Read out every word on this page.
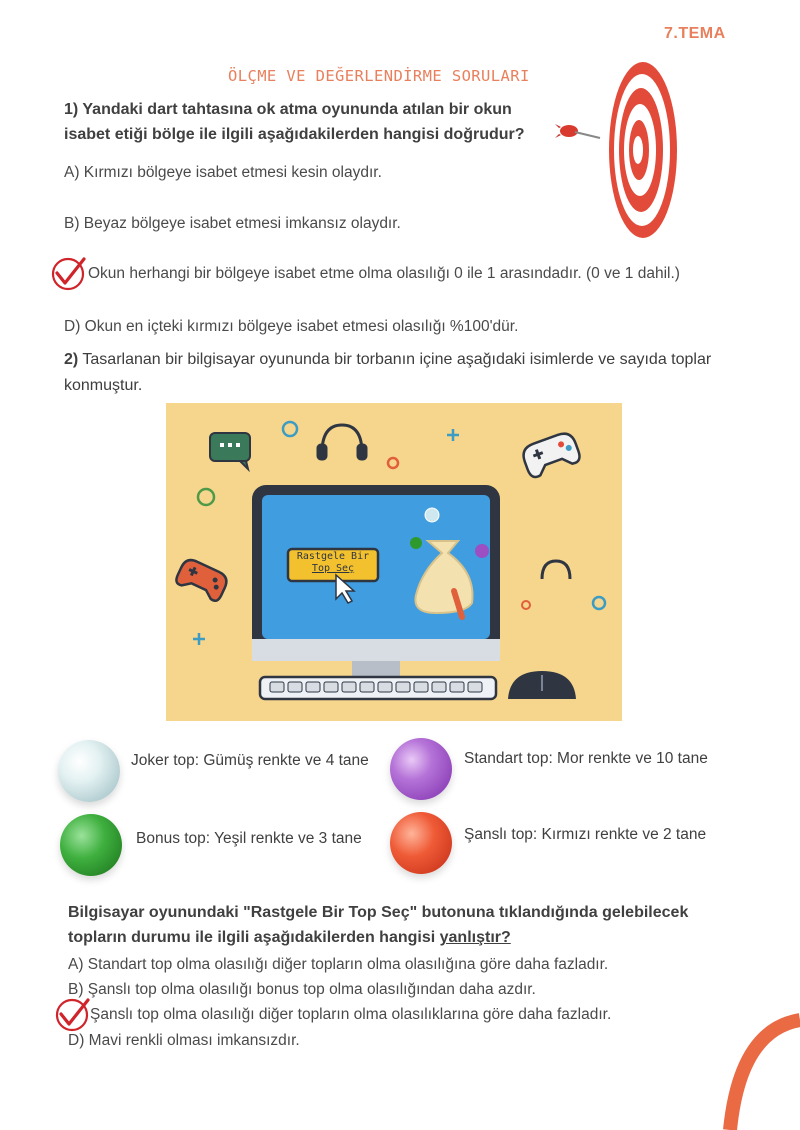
7.TEMA
ÖLÇME VE DEĞERLENDİRME SORULARI
1) Yandaki dart tahtasına ok atma oyununda atılan bir okun
isabet etiği bölge ile ilgili aşağıdakilerden hangisi doğrudur?
A) Kırmızı bölgeye isabet etmesi kesin olaydır.
B) Beyaz bölgeye isabet etmesi imkansız olaydır.
Okun herhangi bir bölgeye isabet etme olma olasılığı 0 ile 1 arasındadır. (0 ve 1 dahil.)
D) Okun en içteki kırmızı bölgeye isabet etmesi olasılığı %100'dür.
2) Tasarlanan bir bilgisayar oyununda bir torbanın içine aşağıdaki isimlerde ve sayıda toplar
konmuştur.
Rastgele Bir
Top Seç
Joker top: Gümüş renkte ve 4 tane	Standart top: Mor renkte ve 10 tane
Bonus top: Yeşil renkte ve 3 tane	Şanslı top: Kırmızı renkte ve 2 tane
Bilgisayar oyunundaki "Rastgele Bir Top Seç" butonuna tıklandığında gelebilecek
topların durumu ile ilgili aşağıdakilerden hangisi yanlıştır?
A) Standart top olma olasılığı diğer topların olma olasılığına göre daha fazladır.
B) Şanslı top olma olasılığı bonus top olma olasılığından daha azdır.
Şanslı top olma olasılığı diğer topların olma olasılıklarına göre daha fazladır.
D) Mavi renkli olması imkansızdır.
